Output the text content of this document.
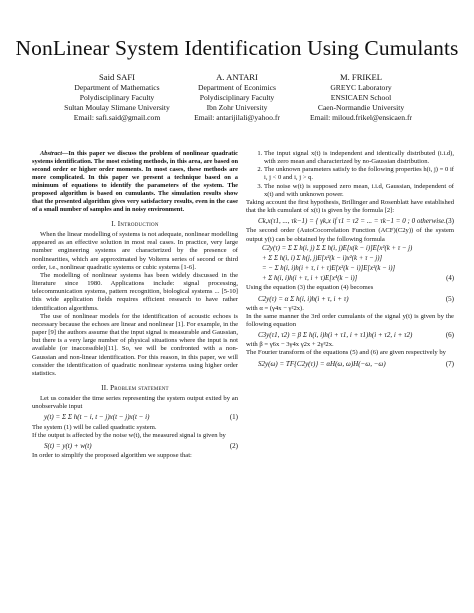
NonLinear System Identification Using Cumulants
Said SAFI
Department of Mathematics
Polydisciplinary Faculty
Sultan Moulay Slimane University
Email: safi.said@gmail.com
A. ANTARI
Department of Econimics
Polydisciplinary Faculty
Ibn Zohr University
Email: antarijilali@yahoo.fr
M. FRIKEL
GREYC Laboratory
ENSICAEN School
Caen-Normandie University
Email: miloud.frikel@ensicaen.fr

Abstract—In this paper we discuss the problem of nonlinear quadratic systems identification. The most existing methods, in this area, are based on second order or higher order moments. In most cases, these methods are more complicated. In this paper we present a technique based on a minimum of equations to identify the parameters of the system. The proposed algorithm is based on cumulants. The simulation results show that the presented algorithm gives very satisfactory results, even in the case of a small number of samples and in noisy environment.

I. Introduction

When the linear modelling of systems is not adequate, nonlinear modelling appeared as an effective solution in most real cases. In practice, very large number engineering systems are characterized by the presence of nonlinearities, which are approximated by Volterra series of second or third order, i.e., nonlinear quadratic systems or cubic systems [1-6].

The modelling of nonlinear systems has been widely discussed in the literature since 1980. Applications include: signal processing, telecommunication systems, pattern recognition, biological systems ... [5-10] this wide application fields requires efficient research to have rather identification algorithms.

The use of nonlinear models for the identification of acoustic echoes is necessary because the echoes are linear and nonlinear [1]. For example, in the paper [9] the authors assume that the input signal is measurable and Gaussian, but there is a very large number of physical situations where the input is not available (or inaccessible)[11]. So, we will be confronted with a non-Gaussian and non-linear identification. For this reason, in this paper, we will consider the identification of quadratic nonlinear systems using higher order statistics.

II. Problem statement

Let us consider the time series representing the system output exited by an unobservable input

y(t) = Σ Σ h(t − i, t − j)x(t − j)x(t − i)	(1)

The system (1) will be called quadratic system.

If the output is affected by the noise w(t), the measured signal is given by

S(t) = y(t) + w(t)	(2)

In order to simplify the proposed algorithm we suppose that:

1. The input signal x(t) is independent and identically distributed (i.i.d), with zero mean and characterized by no-Gaussian distribution.
2. The unknown parameters satisfy to the following properties h(i, j) = 0 if i, j < 0 and i, j > q.
3. The noise w(t) is supposed zero mean, i.i.d, Gaussian, independent of x(t) and with unknown power.

Taking account the first hypothesis, Brillinger and Rosenblatt have established that the kth cumulant of x(t) is given by the formula [2]:

Ck,x(τ1, ..., τk−1) = { γk,x if τ1 = τ2 = ... = τk−1 = 0 ; 0 otherwise. (3)

The second order (AutoCocorrelation Function (ACF)(C2y)) of the system output y(t) can be obtained by the following formula

C2y(τ) = Σ Σ h(i, j) Σ Σ h(i, j)E[x(k − i)]E[x²(k + τ − j)
+ Σ Σ h(i, i) Σ h(j, j)E[x²(k − i)x²(k + τ − j)]
= − Σ h(i, i)h(i + τ, i + τ)E[x²(k − i)]E[x²(k − i)]
+ Σ h(i, i)h(i + τ, i + τ)E[x⁴(k − i)]	(4)

Using the equation (3) the equation (4) becomes

C2y(τ) = α Σ h(i, i)h(i + τ, i + τ)	(5)

with α = (γ4x − γ²2x).

In the same manner the 3rd order cumulants of the signal y(t) is given by the following equation

C3y(τ1, τ2) = β Σ h(i, i)h(i + τ1, i + τ1)h(i + τ2, i + τ2)	(6)

with β = γ6x − 3γ4x γ2x + 2γ³2x.

The Fourier transform of the equations (5) and (6) are given respectively by

S2y(ω) = TF{C2y(τ)} = αH(ω, ω)H(−ω, −ω)	(7)
